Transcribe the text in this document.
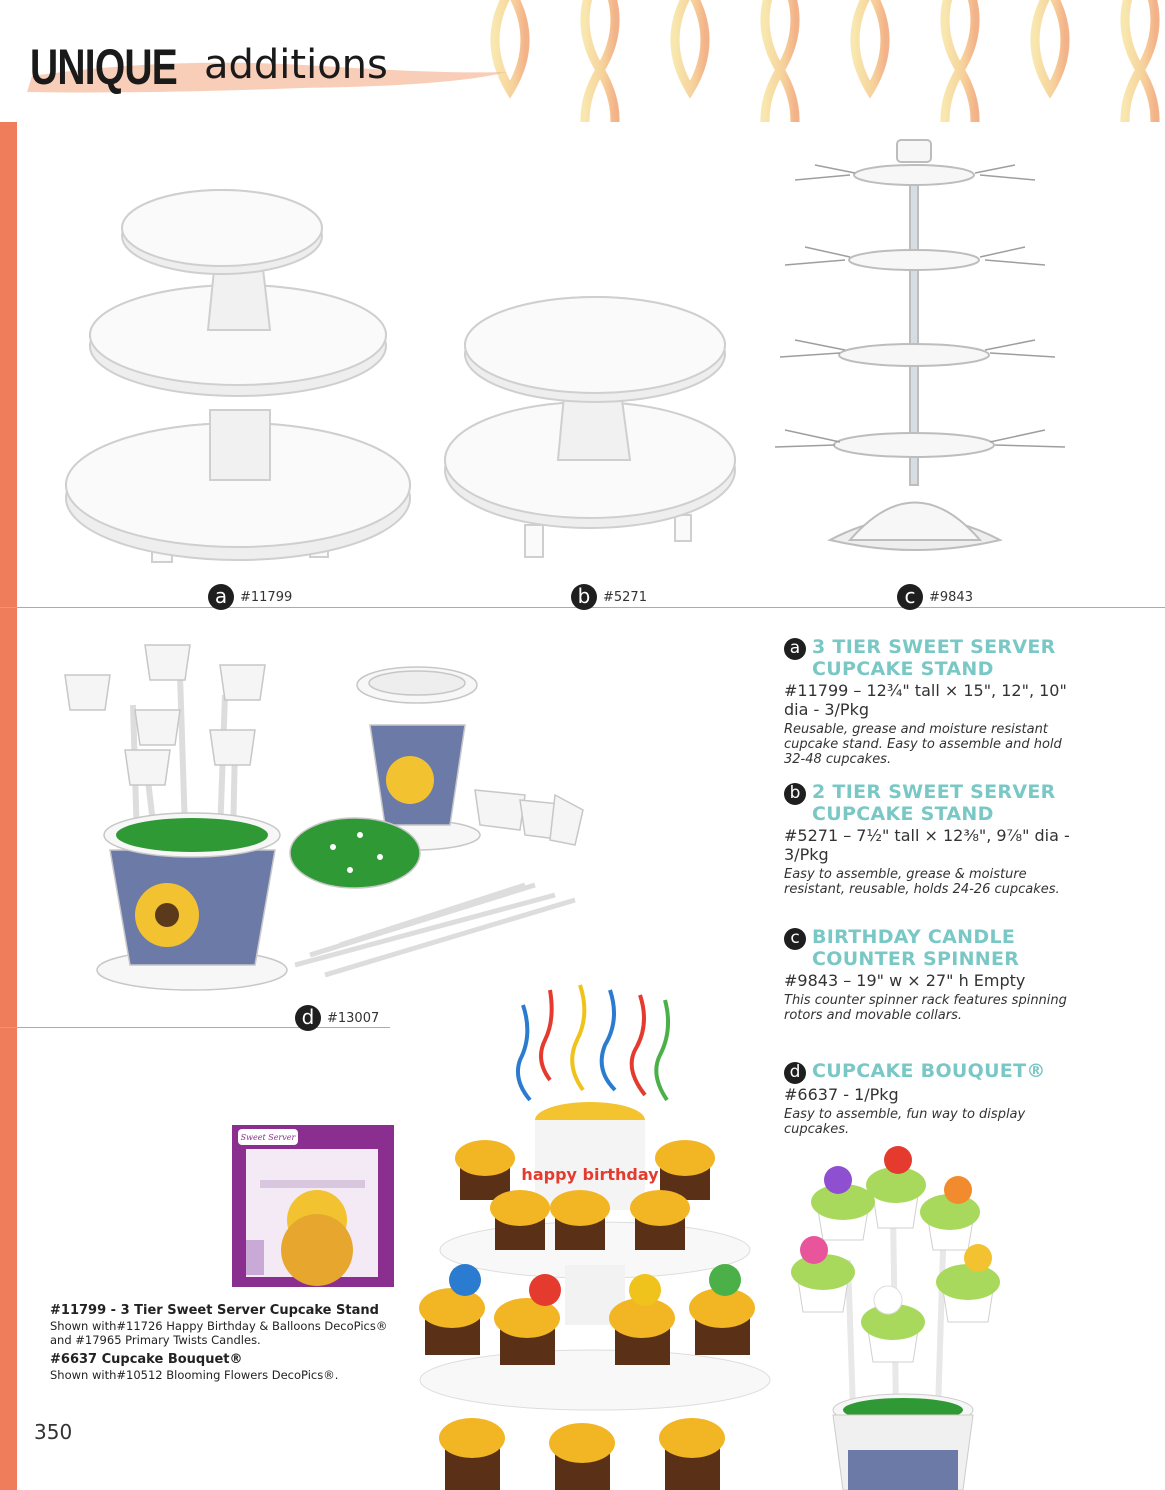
UNIQUE additions
a #11799	b #5271	c	#9843
d #13007
a 3 TIER SWEET SERVER
CUPCAKE STAND
#11799 – 12¾" tall × 15", 12", 10" dia - 3/Pkg
Reusable, grease and moisture resistant cupcake stand. Easy to assemble and hold 32-48 cupcakes.
b 2 TIER SWEET SERVER
CUPCAKE STAND
#5271 – 7½" tall × 12⅜", 9⅞" dia - 3/Pkg
Easy to assemble, grease & moisture resistant, reusable, holds 24-26 cupcakes.
c BIRTHDAY CANDLE
COUNTER SPINNER
#9843 – 19" w × 27" h Empty
This counter spinner rack features spinning rotors and movable collars.
d CUPCAKE BOUQUET®
#6637 - 1/Pkg
Easy to assemble, fun way to display cupcakes.
Sweet Server
happy birthday
#11799 - 3 Tier Sweet Server Cupcake Stand
Shown with#11726 Happy Birthday & Balloons DecoPics® and #17965 Primary Twists Candles.
#6637 Cupcake Bouquet®
Shown with#10512 Blooming Flowers DecoPics®.
350
